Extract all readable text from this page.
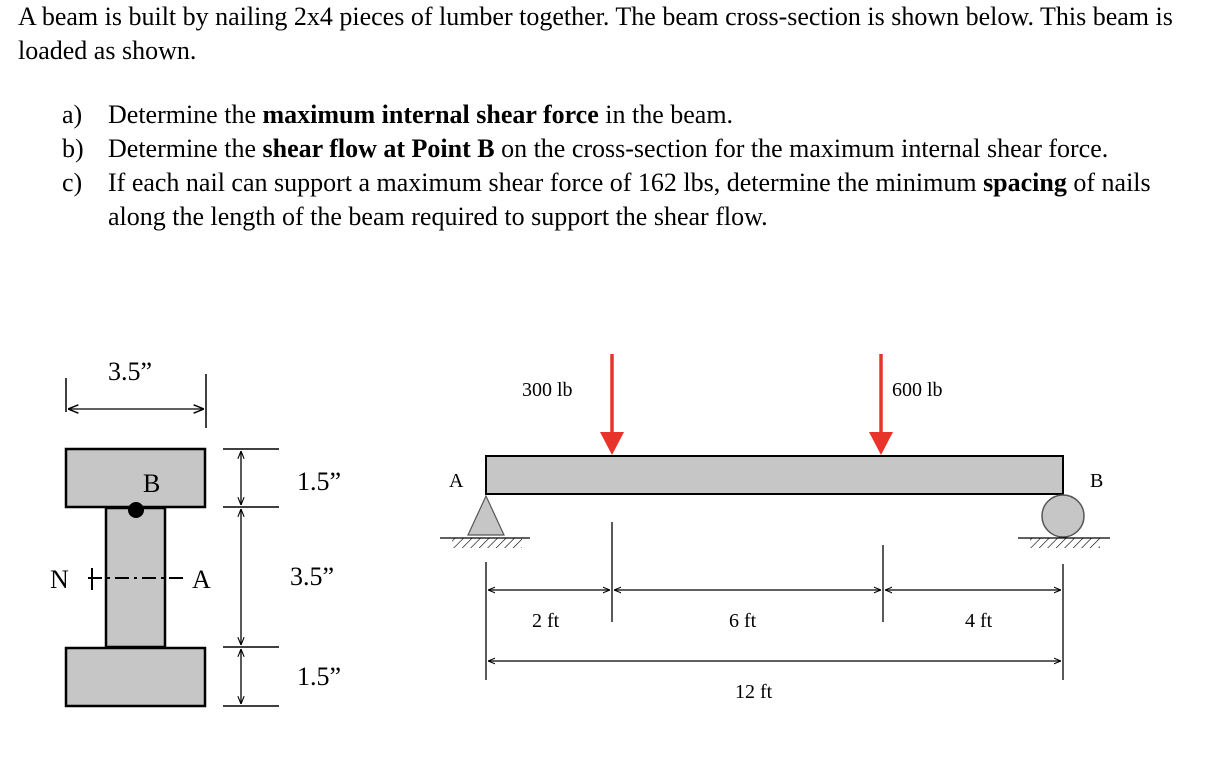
A beam is built by nailing 2x4 pieces of lumber together. The beam cross-section is shown below. This beam is loaded as shown.

a) Determine the maximum internal shear force in the beam.
b) Determine the shear flow at Point B on the cross-section for the maximum internal shear force.
c) If each nail can support a maximum shear force of 162 lbs, determine the minimum spacing of nails along the length of the beam required to support the shear flow.
3.5”
B
N	A
1.5”
3.5”
1.5”
A	B
300 lb	600 lb
2 ft	6 ft	4 ft
12 ft
